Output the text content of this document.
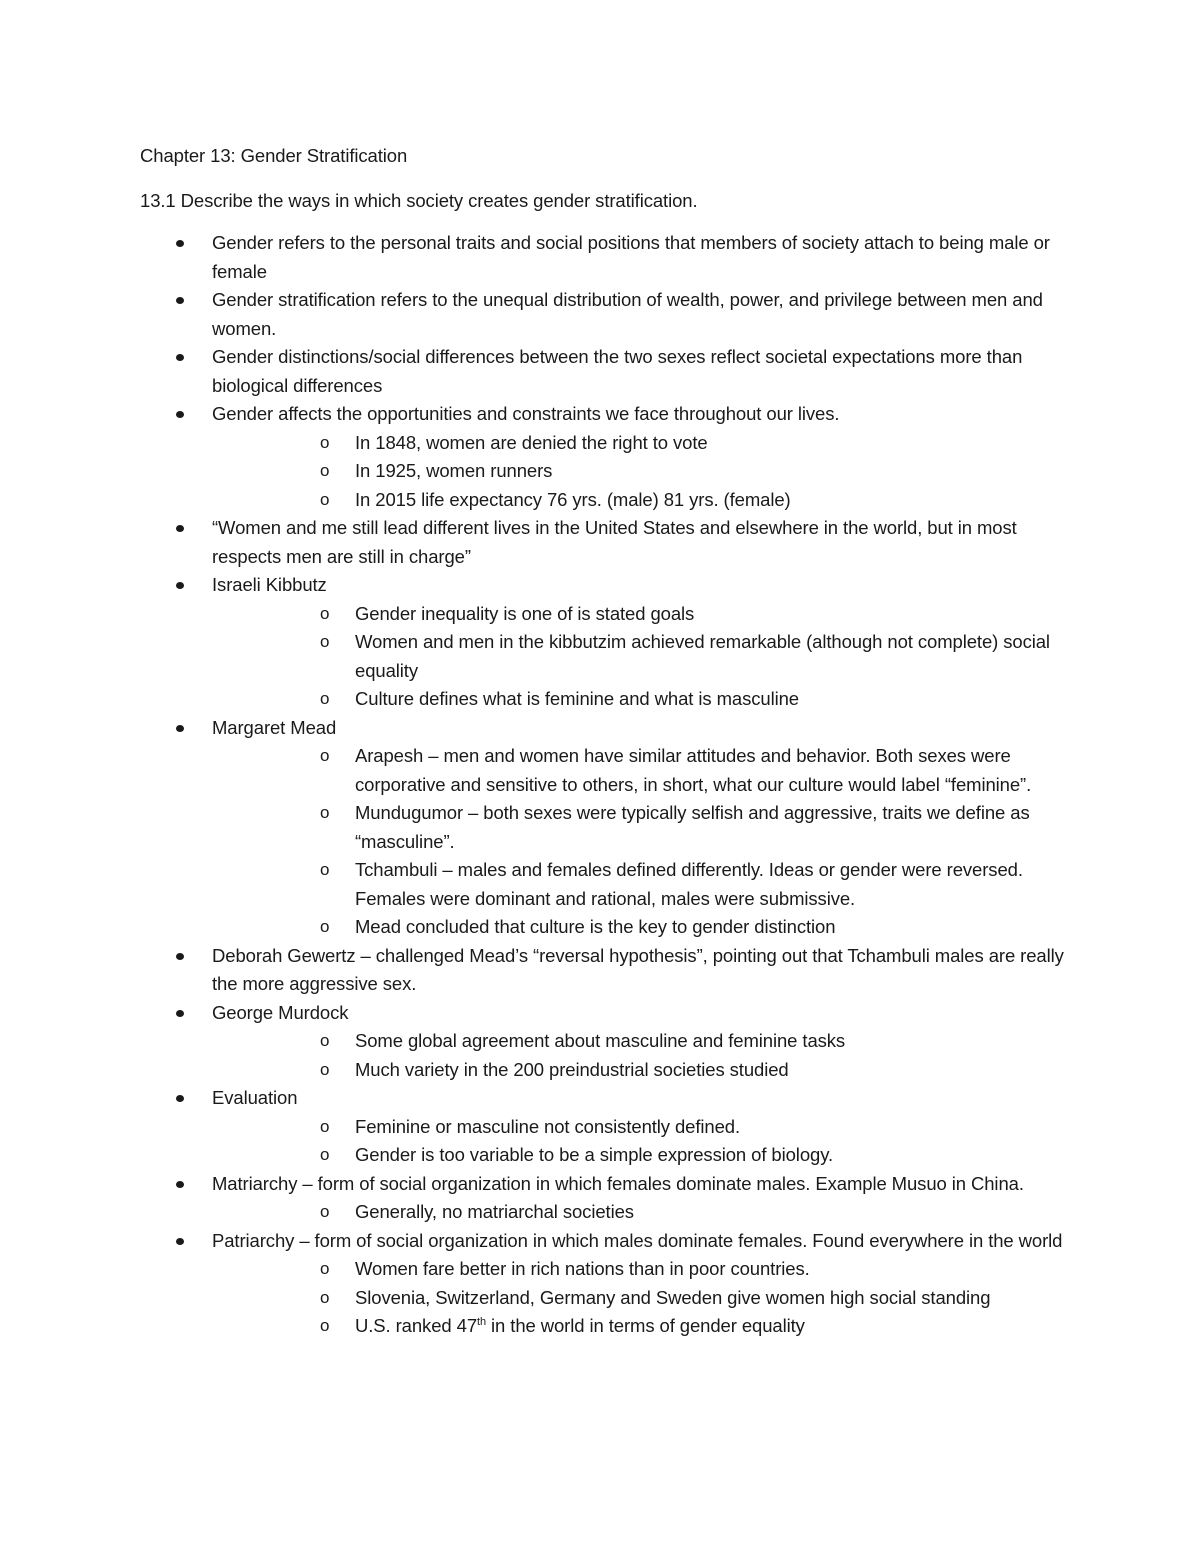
Chapter 13: Gender Stratification
13.1 Describe the ways in which society creates gender stratification.
Gender refers to the personal traits and social positions that members of society attach to being male or female
Gender stratification refers to the unequal distribution of wealth, power, and privilege between men and women.
Gender distinctions/social differences between the two sexes reflect societal expectations more than biological differences
Gender affects the opportunities and constraints we face throughout our lives.
o In 1848, women are denied the right to vote
o In 1925, women runners
o In 2015 life expectancy 76 yrs. (male) 81 yrs. (female)
“Women and me still lead different lives in the United States and elsewhere in the world, but in most respects men are still in charge”
Israeli Kibbutz
o Gender inequality is one of is stated goals
o Women and men in the kibbutzim achieved remarkable (although not complete) social equality
o Culture defines what is feminine and what is masculine
Margaret Mead
o Arapesh – men and women have similar attitudes and behavior. Both sexes were corporative and sensitive to others, in short, what our culture would label “feminine”.
o Mundugumor – both sexes were typically selfish and aggressive, traits we define as “masculine”.
o Tchambuli – males and females defined differently. Ideas or gender were reversed. Females were dominant and rational, males were submissive.
o Mead concluded that culture is the key to gender distinction
Deborah Gewertz – challenged Mead’s “reversal hypothesis”, pointing out that Tchambuli males are really the more aggressive sex.
George Murdock
o Some global agreement about masculine and feminine tasks
o Much variety in the 200 preindustrial societies studied
Evaluation
o Feminine or masculine not consistently defined.
o Gender is too variable to be a simple expression of biology.
Matriarchy – form of social organization in which females dominate males. Example Musuo in China.
o Generally, no matriarchal societies
Patriarchy – form of social organization in which males dominate females. Found everywhere in the world
o Women fare better in rich nations than in poor countries.
o Slovenia, Switzerland, Germany and Sweden give women high social standing
o U.S. ranked 47th in the world in terms of gender equality
